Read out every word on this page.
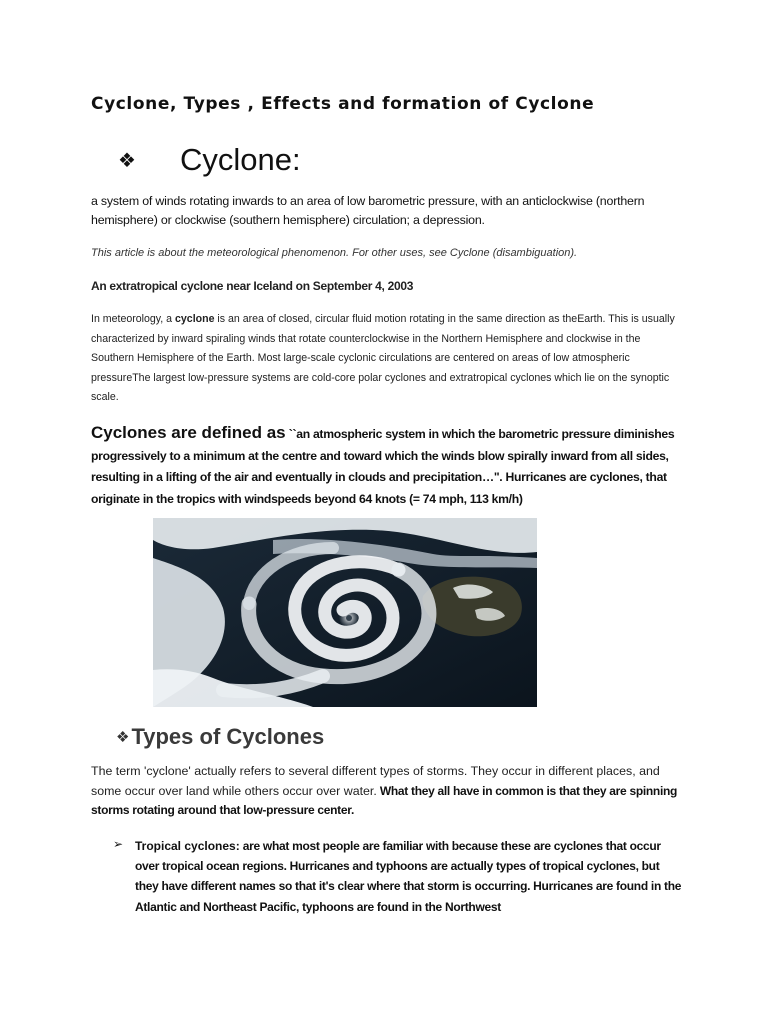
Cyclone, Types , Effects and formation of Cyclone
❖	Cyclone:
a system of winds rotating inwards to an area of low barometric pressure, with an anticlockwise (northern hemisphere) or clockwise (southern hemisphere) circulation; a depression.
This article is about the meteorological phenomenon. For other uses, see Cyclone (disambiguation).
An extratropical cyclone near Iceland on September 4, 2003
In meteorology, a cyclone is an area of closed, circular fluid motion rotating in the same direction as theEarth. This is usually characterized by inward spiraling winds that rotate counterclockwise in the Northern Hemisphere and clockwise in the Southern Hemisphere of the Earth. Most large-scale cyclonic circulations are centered on areas of low atmospheric pressureThe largest low-pressure systems are cold-core polar cyclones and extratropical cyclones which lie on the synoptic scale.
Cyclones are defined as ``an atmospheric system in which the barometric pressure diminishes progressively to a minimum at the centre and toward which the winds blow spirally inward from all sides, resulting in a lifting of the air and eventually in clouds and precipitation…". Hurricanes are cyclones, that originate in the tropics with windspeeds beyond 64 knots (= 74 mph, 113 km/h)
❖ Types of Cyclones
The term 'cyclone' actually refers to several different types of storms. They occur in different places, and some occur over land while others occur over water. What they all have in common is that they are spinning storms rotating around that low-pressure center.
➢ Tropical cyclones: are what most people are familiar with because these are cyclones that occur over tropical ocean regions. Hurricanes and typhoons are actually types of tropical cyclones, but they have different names so that it's clear where that storm is occurring. Hurricanes are found in the Atlantic and Northeast Pacific, typhoons are found in the Northwest
